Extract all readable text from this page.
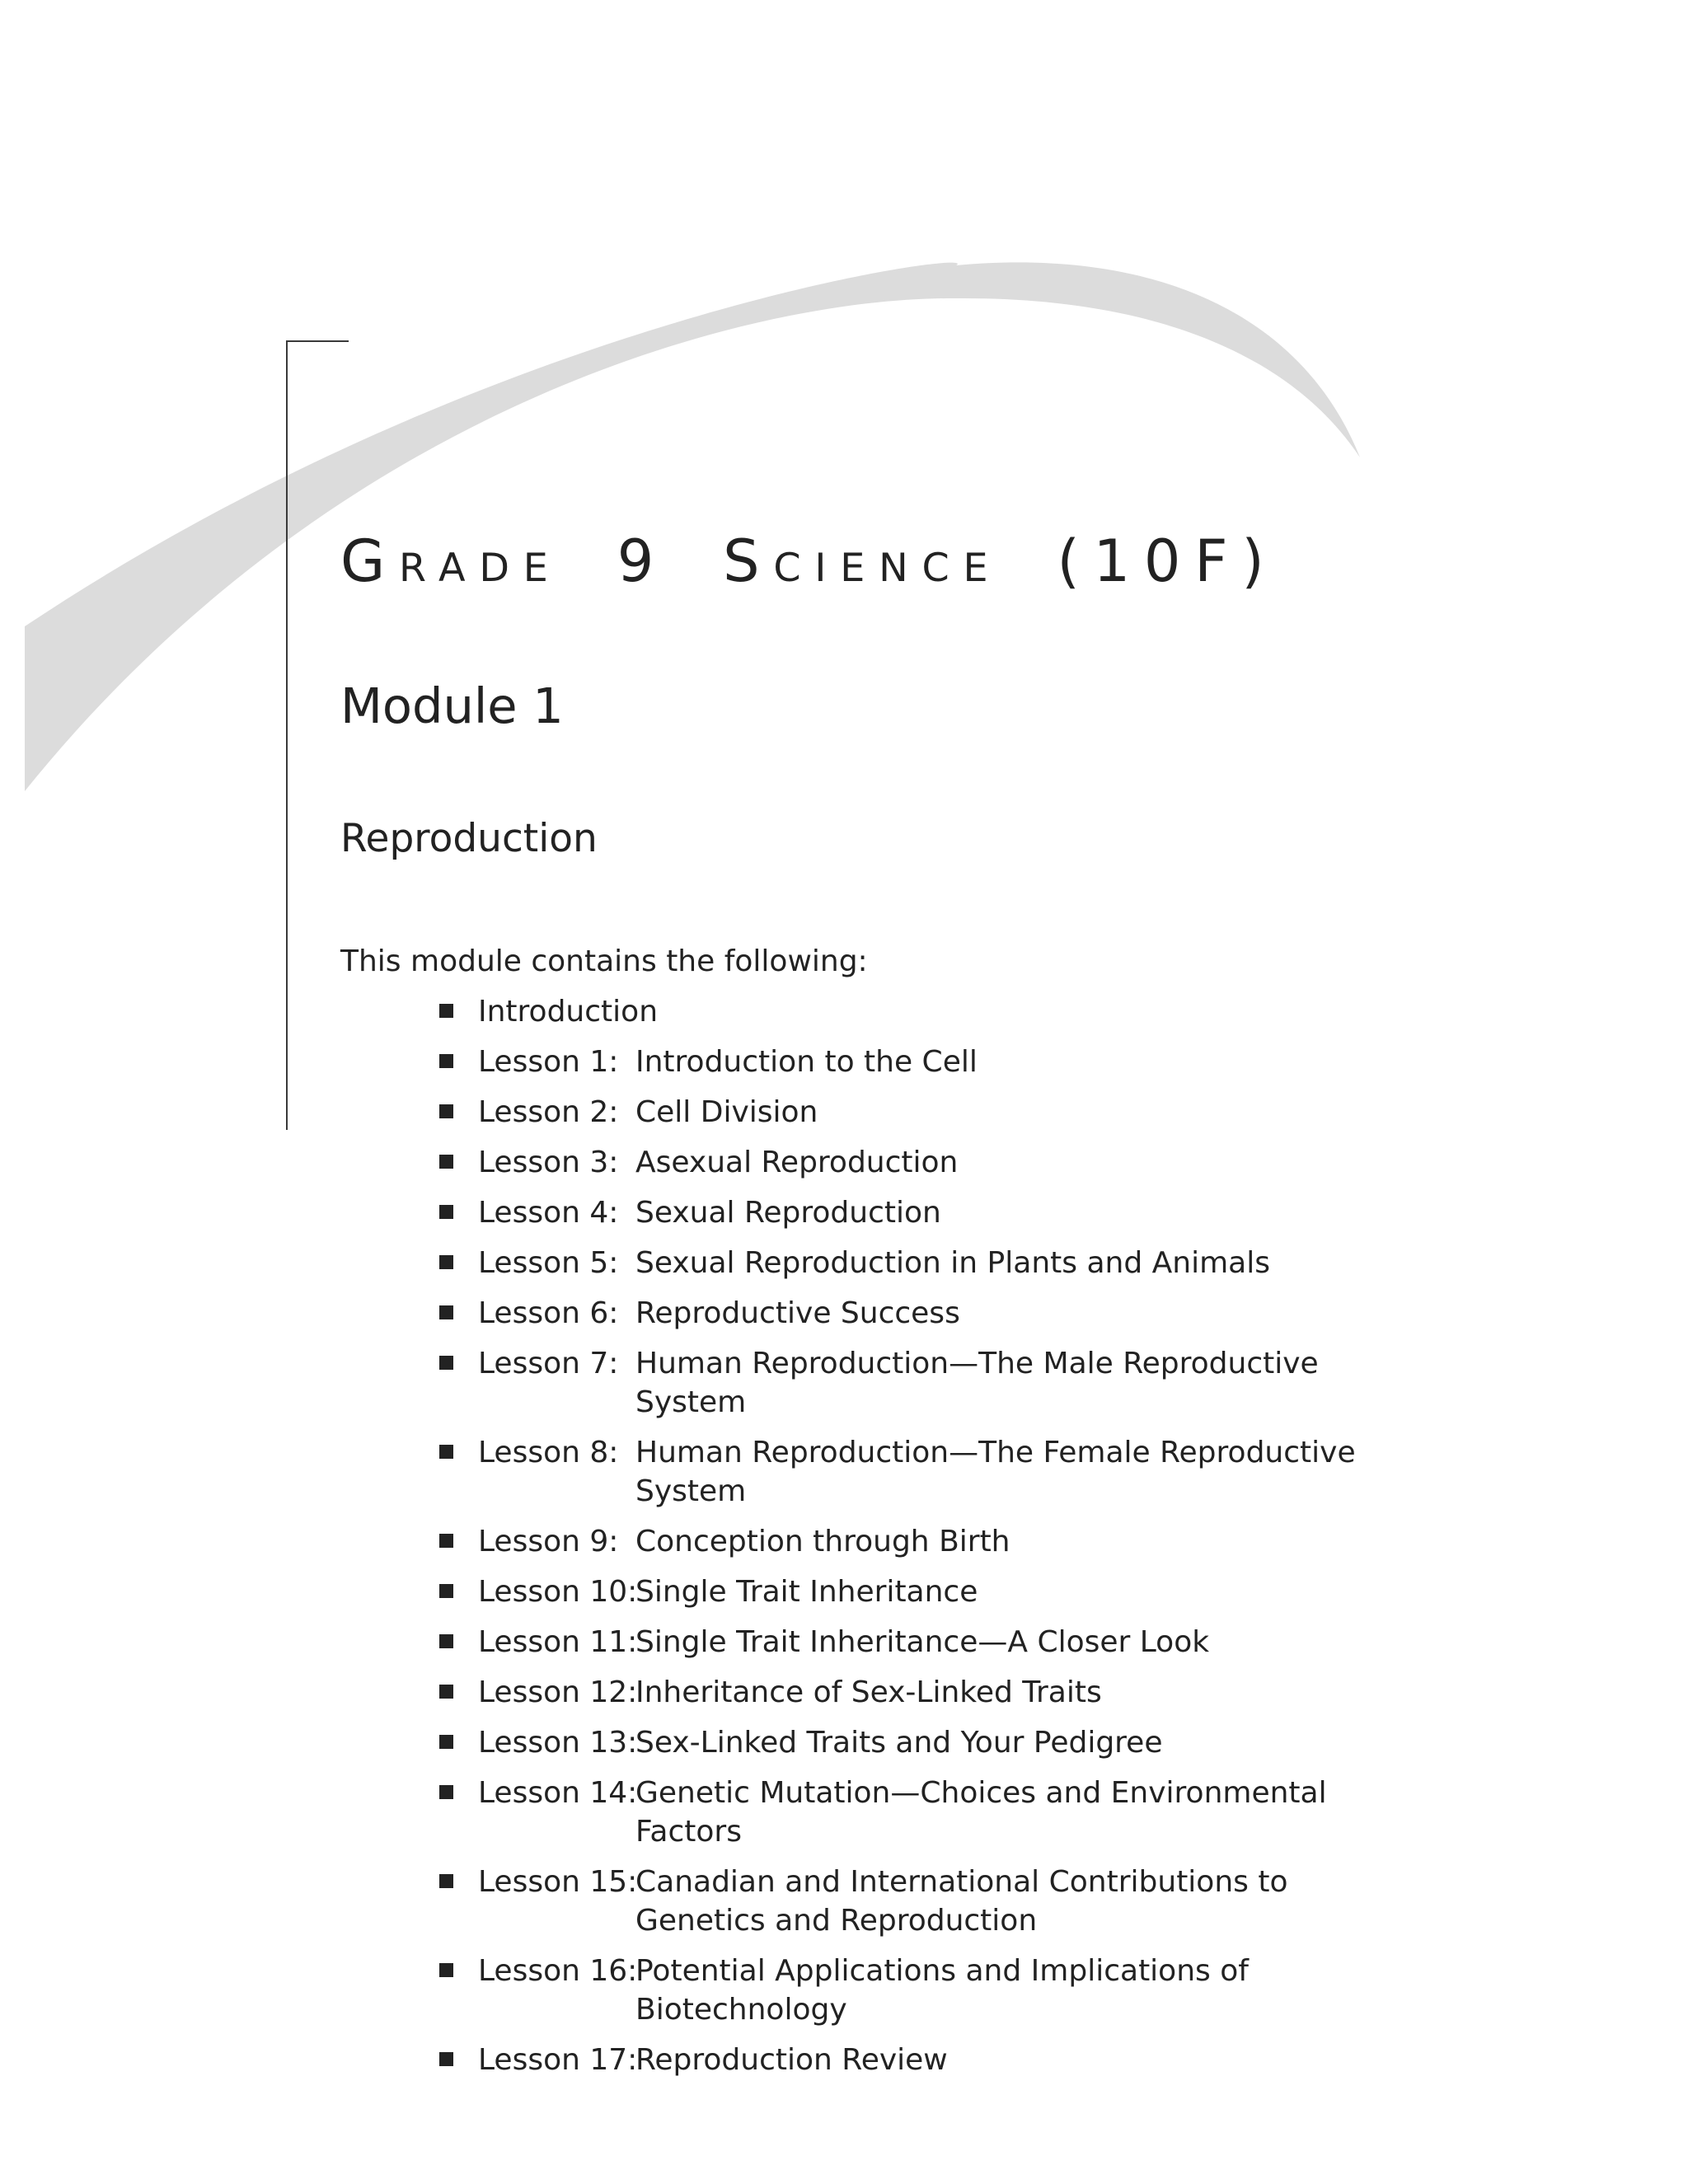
GRADE 9 SCIENCE (10F)
Module 1
Reproduction
This module contains the following:
Introduction
Lesson 1: Introduction to the Cell
Lesson 2: Cell Division
Lesson 3: Asexual Reproduction
Lesson 4: Sexual Reproduction
Lesson 5: Sexual Reproduction in Plants and Animals
Lesson 6: Reproductive Success
Lesson 7: Human Reproduction—The Male Reproductive System
Lesson 8: Human Reproduction—The Female Reproductive System
Lesson 9: Conception through Birth
Lesson 10:
Single Trait Inheritance
Lesson 11:
Single Trait Inheritance—A Closer Look
Lesson 12:
Inheritance of Sex-Linked Traits
Lesson 13:
Sex-Linked Traits and Your Pedigree
Lesson 14:
Genetic Mutation—Choices and Environmental Factors
Lesson 15:
Canadian and International Contributions to Genetics and Reproduction
Lesson 16:
Potential Applications and Implications of Biotechnology
Lesson 17:
Reproduction Review
